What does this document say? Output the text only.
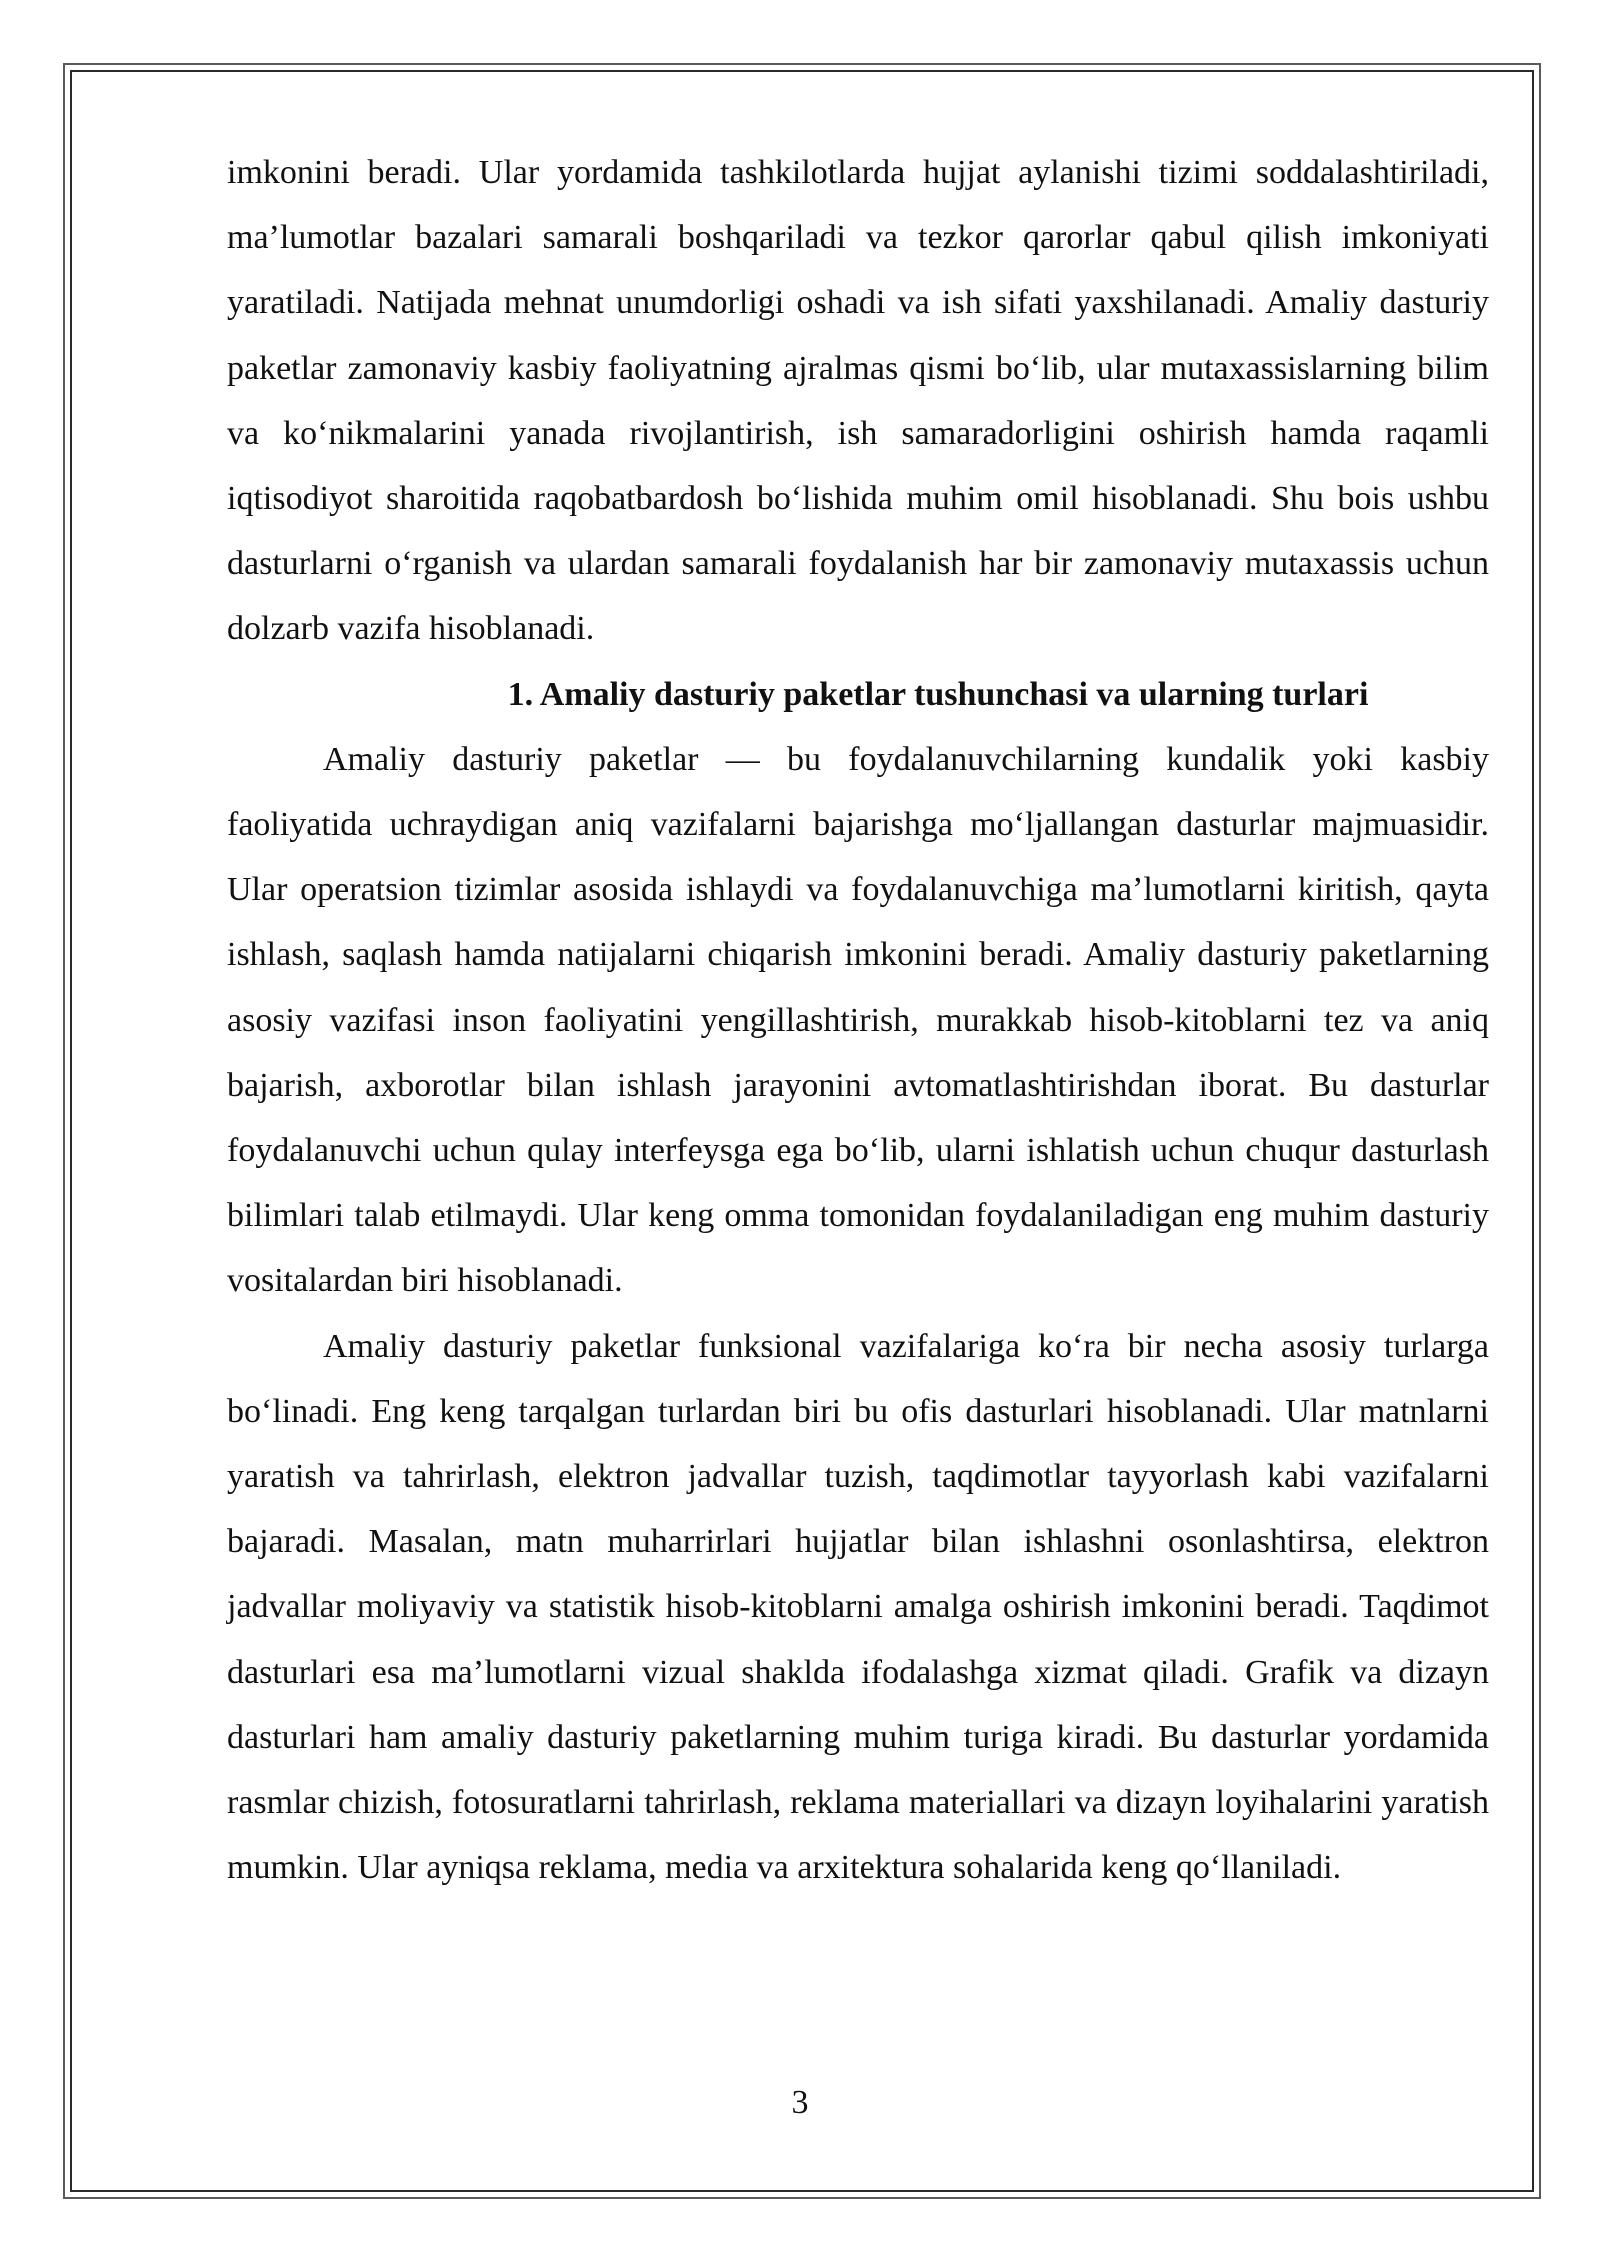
imkonini beradi. Ular yordamida tashkilotlarda hujjat aylanishi tizimi soddalashtiriladi, ma’lumotlar bazalari samarali boshqariladi va tezkor qarorlar qabul qilish imkoniyati yaratiladi. Natijada mehnat unumdorligi oshadi va ish sifati yaxshilanadi. Amaliy dasturiy paketlar zamonaviy kasbiy faoliyatning ajralmas qismi bo‘lib, ular mutaxassislarning bilim va ko‘nikmalarini yanada rivojlantirish, ish samaradorligini oshirish hamda raqamli iqtisodiyot sharoitida raqobatbardosh bo‘lishida muhim omil hisoblanadi. Shu bois ushbu dasturlarni o‘rganish va ulardan samarali foydalanish har bir zamonaviy mutaxassis uchun dolzarb vazifa hisoblanadi.

1. Amaliy dasturiy paketlar tushunchasi va ularning turlari

Amaliy dasturiy paketlar — bu foydalanuvchilarning kundalik yoki kasbiy faoliyatida uchraydigan aniq vazifalarni bajarishga mo‘ljallangan dasturlar majmuasidir. Ular operatsion tizimlar asosida ishlaydi va foydalanuvchiga ma’lumotlarni kiritish, qayta ishlash, saqlash hamda natijalarni chiqarish imkonini beradi. Amaliy dasturiy paketlarning asosiy vazifasi inson faoliyatini yengillashtirish, murakkab hisob-kitoblarni tez va aniq bajarish, axborotlar bilan ishlash jarayonini avtomatlashtirishdan iborat. Bu dasturlar foydalanuvchi uchun qulay interfeysga ega bo‘lib, ularni ishlatish uchun chuqur dasturlash bilimlari talab etilmaydi. Ular keng omma tomonidan foydalaniladigan eng muhim dasturiy vositalardan biri hisoblanadi.

Amaliy dasturiy paketlar funksional vazifalariga ko‘ra bir necha asosiy turlarga bo‘linadi. Eng keng tarqalgan turlardan biri bu ofis dasturlari hisoblanadi. Ular matnlarni yaratish va tahrirlash, elektron jadvallar tuzish, taqdimotlar tayyorlash kabi vazifalarni bajaradi. Masalan, matn muharrirlari hujjatlar bilan ishlashni osonlashtirsa, elektron jadvallar moliyaviy va statistik hisob-kitoblarni amalga oshirish imkonini beradi. Taqdimot dasturlari esa ma’lumotlarni vizual shaklda ifodalashga xizmat qiladi. Grafik va dizayn dasturlari ham amaliy dasturiy paketlarning muhim turiga kiradi. Bu dasturlar yordamida rasmlar chizish, fotosuratlarni tahrirlash, reklama materiallari va dizayn loyihalarini yaratish mumkin. Ular ayniqsa reklama, media va arxitektura sohalarida keng qo‘llaniladi.

3
